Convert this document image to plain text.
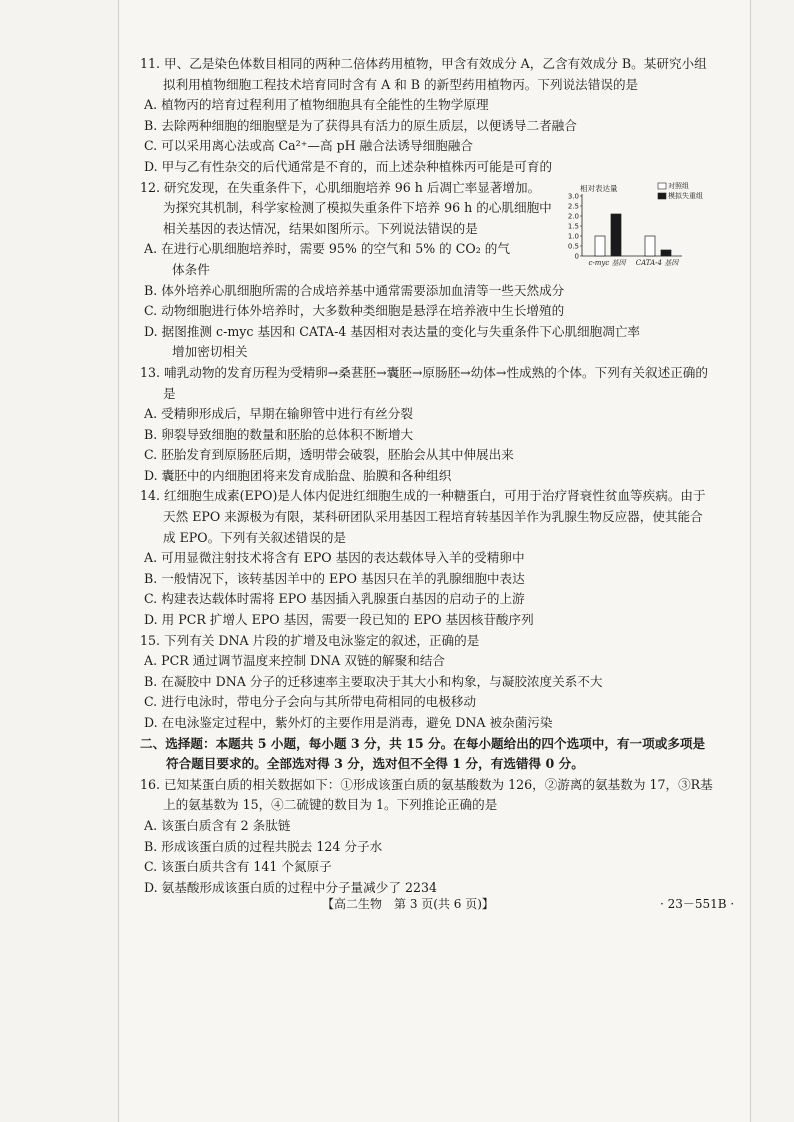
11. 甲、乙是染色体数目相同的两种二倍体药用植物，甲含有效成分 A，乙含有效成分 B。某研究小组拟利用植物细胞工程技术培育同时含有 A 和 B 的新型药用植物丙。下列说法错误的是
A. 植物丙的培育过程利用了植物细胞具有全能性的生物学原理
B. 去除两种细胞的细胞壁是为了获得具有活力的原生质层，以便诱导二者融合
C. 可以采用离心法或高 Ca²⁺—高 pH 融合法诱导细胞融合
D. 甲与乙有性杂交的后代通常是不育的，而上述杂种植株丙可能是可育的
12. 研究发现，在失重条件下，心肌细胞培养 96 h 后凋亡率显著增加。为探究其机制，科学家检测了模拟失重条件下培养 96 h 的心肌细胞中相关基因的表达情况，结果如图所示。下列说法错误的是
A. 在进行心肌细胞培养时，需要 95% 的空气和 5% 的 CO₂ 的气
体条件
B. 体外培养心肌细胞所需的合成培养基中通常需要添加血清等一些天然成分
C. 动物细胞进行体外培养时，大多数种类细胞是悬浮在培养液中生长增殖的
D. 据图推测 c-myc 基因和 CATA-4 基因相对表达量的变化与失重条件下心肌细胞凋亡率
增加密切相关
相对表达量
0
0.5
1.0
1.5
2.0
2.5
3.0
c-myc 基因 CATA-4 基因
对照组
模拟失重组
13. 哺乳动物的发育历程为受精卵→桑葚胚→囊胚→原肠胚→幼体→性成熟的个体。下列有关叙述正确的是
A. 受精卵形成后，早期在输卵管中进行有丝分裂
B. 卵裂导致细胞的数量和胚胎的总体积不断增大
C. 胚胎发育到原肠胚后期，透明带会破裂，胚胎会从其中伸展出来
D. 囊胚中的内细胞团将来发育成胎盘、胎膜和各种组织
14. 红细胞生成素(EPO)是人体内促进红细胞生成的一种糖蛋白，可用于治疗肾衰性贫血等疾病。由于天然 EPO 来源极为有限，某科研团队采用基因工程培育转基因羊作为乳腺生物反应器，使其能合成 EPO。下列有关叙述错误的是
A. 可用显微注射技术将含有 EPO 基因的表达载体导入羊的受精卵中
B. 一般情况下，该转基因羊中的 EPO 基因只在羊的乳腺细胞中表达
C. 构建表达载体时需将 EPO 基因插入乳腺蛋白基因的启动子的上游
D. 用 PCR 扩增人 EPO 基因，需要一段已知的 EPO 基因核苷酸序列
15. 下列有关 DNA 片段的扩增及电泳鉴定的叙述，正确的是
A. PCR 通过调节温度来控制 DNA 双链的解聚和结合
B. 在凝胶中 DNA 分子的迁移速率主要取决于其大小和构象，与凝胶浓度关系不大
C. 进行电泳时，带电分子会向与其所带电荷相同的电极移动
D. 在电泳鉴定过程中，紫外灯的主要作用是消毒，避免 DNA 被杂菌污染
二、选择题：本题共 5 小题，每小题 3 分，共 15 分。在每小题给出的四个选项中，有一项或多项是符合题目要求的。全部选对得 3 分，选对但不全得 1 分，有选错得 0 分。
16. 已知某蛋白质的相关数据如下：①形成该蛋白质的氨基酸数为 126，②游离的氨基数为 17，③R基上的氨基数为 15，④二硫键的数目为 1。下列推论正确的是
A. 该蛋白质含有 2 条肽链
B. 形成该蛋白质的过程共脱去 124 分子水
C. 该蛋白质共含有 141 个氮原子
D. 氨基酸形成该蛋白质的过程中分子量减少了 2234
【高二生物　第 3 页(共 6 页)】	· 23－551B ·
